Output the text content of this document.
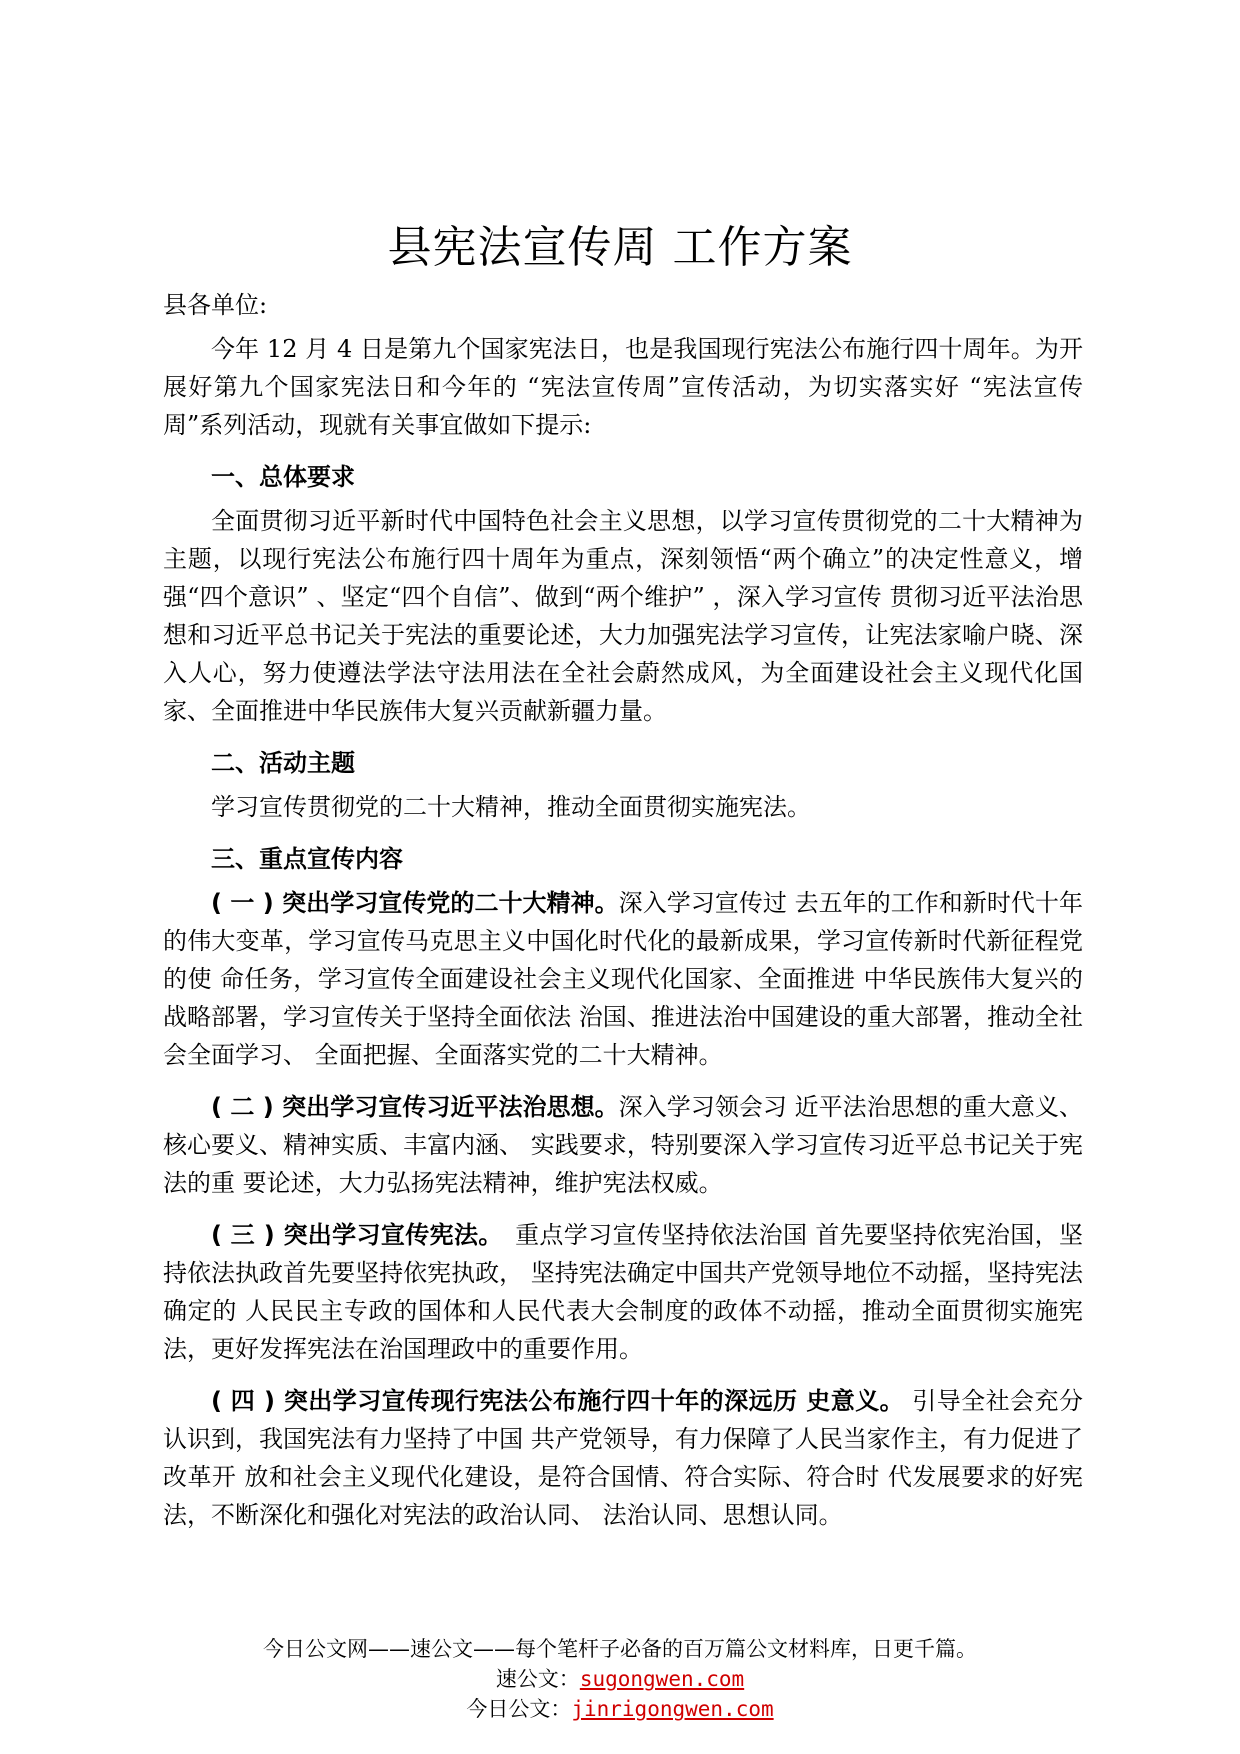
县宪法宣传周 工作方案

县各单位:

今年 12 月 4 日是第九个国家宪法日，也是我国现行宪法公布施行四十周年。为开展好第九个国家宪法日和今年的 “宪法宣传周”宣传活动，为切实落实好 “宪法宣传周”系列活动，现就有关事宜做如下提示:

一、总体要求

全面贯彻习近平新时代中国特色社会主义思想，以学习宣传贯彻党的二十大精神为主题，以现行宪法公布施行四十周年为重点，深刻领悟“两个确立”的决定性意义，增强“四个意识” 、坚定“四个自信”、做到“两个维护” ，深入学习宣传 贯彻习近平法治思想和习近平总书记关于宪法的重要论述，大力加强宪法学习宣传，让宪法家喻户晓、深入人心，努力使遵法学法守法用法在全社会蔚然成风，为全面建设社会主义现代化国家、全面推进中华民族伟大复兴贡献新疆力量。

二、活动主题

学习宣传贯彻党的二十大精神，推动全面贯彻实施宪法。

三、重点宣传内容

( 一 ) 突出学习宣传党的二十大精神。深入学习宣传过 去五年的工作和新时代十年的伟大变革，学习宣传马克思主义中国化时代化的最新成果，学习宣传新时代新征程党的使 命任务，学习宣传全面建设社会主义现代化国家、全面推进 中华民族伟大复兴的战略部署，学习宣传关于坚持全面依法 治国、推进法治中国建设的重大部署，推动全社会全面学习、 全面把握、全面落实党的二十大精神。

( 二 ) 突出学习宣传习近平法治思想。深入学习领会习 近平法治思想的重大意义、核心要义、精神实质、丰富内涵、 实践要求，特别要深入学习宣传习近平总书记关于宪法的重 要论述，大力弘扬宪法精神，维护宪法权威。

( 三 ) 突出学习宣传宪法。　重点学习宣传坚持依法治国 首先要坚持依宪治国，坚持依法执政首先要坚持依宪执政， 坚持宪法确定中国共产党领导地位不动摇，坚持宪法确定的 人民民主专政的国体和人民代表大会制度的政体不动摇，推动全面贯彻实施宪法，更好发挥宪法在治国理政中的重要作用。

( 四 ) 突出学习宣传现行宪法公布施行四十年的深远历 史意义。 引导全社会充分认识到，我国宪法有力坚持了中国 共产党领导，有力保障了人民当家作主，有力促进了改革开 放和社会主义现代化建设，是符合国情、符合实际、符合时 代发展要求的好宪法，不断深化和强化对宪法的政治认同、 法治认同、思想认同。

今日公文网——速公文——每个笔杆子必备的百万篇公文材料库，日更千篇。
速公文：sugongwen.com
今日公文：jinrigongwen.com
